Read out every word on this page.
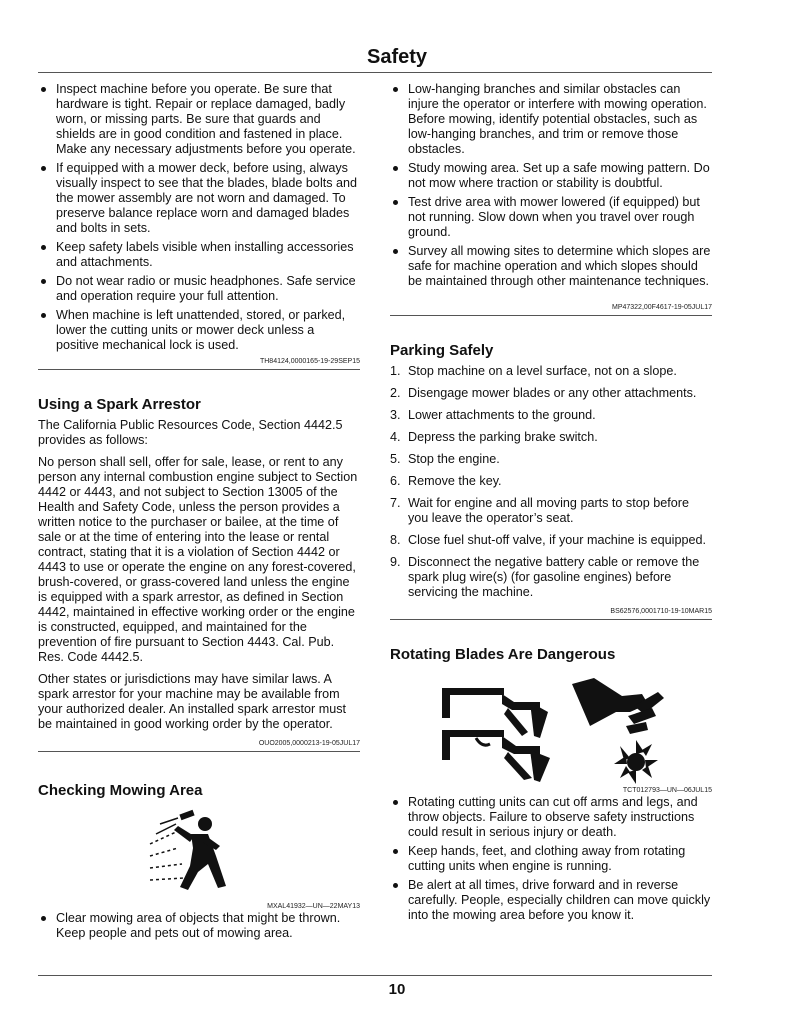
Safety
Inspect machine before you operate. Be sure that hardware is tight. Repair or replace damaged, badly worn, or missing parts. Be sure that guards and shields are in good condition and fastened in place. Make any necessary adjustments before you operate.
If equipped with a mower deck, before using, always visually inspect to see that the blades, blade bolts and the mower assembly are not worn and damaged. To preserve balance replace worn and damaged blades and bolts in sets.
Keep safety labels visible when installing accessories and attachments.
Do not wear radio or music headphones. Safe service and operation require your full attention.
When machine is left unattended, stored, or parked, lower the cutting units or mower deck unless a positive mechanical lock is used.
TH84124,0000165-19-29SEP15
Using a Spark Arrestor

The California Public Resources Code, Section 4442.5 provides as follows:

No person shall sell, offer for sale, lease, or rent to any person any internal combustion engine subject to Section 4442 or 4443, and not subject to Section 13005 of the Health and Safety Code, unless the person provides a written notice to the purchaser or bailee, at the time of sale or at the time of entering into the lease or rental contract, stating that it is a violation of Section 4442 or 4443 to use or operate the engine on any forest-covered, brush-covered, or grass-covered land unless the engine is equipped with a spark arrestor, as defined in Section 4442, maintained in effective working order or the engine is constructed, equipped, and maintained for the prevention of fire pursuant to Section 4443. Cal. Pub. Res. Code 4442.5.

Other states or jurisdictions may have similar laws. A spark arrestor for your machine may be available from your authorized dealer. An installed spark arrestor must be maintained in good working order by the operator.

OUO2005,0000213-19-05JUL17
Checking Mowing Area
MXAL41932—UN—22MAY13
Clear mowing area of objects that might be thrown. Keep people and pets out of mowing area.
Low-hanging branches and similar obstacles can injure the operator or interfere with mowing operation. Before mowing, identify potential obstacles, such as low-hanging branches, and trim or remove those obstacles.
Study mowing area. Set up a safe mowing pattern. Do not mow where traction or stability is doubtful.
Test drive area with mower lowered (if equipped) but not running. Slow down when you travel over rough ground.
Survey all mowing sites to determine which slopes are safe for machine operation and which slopes should be maintained through other maintenance techniques.
MP47322,00F4617-19-05JUL17
Parking Safely
1. Stop machine on a level surface, not on a slope.
2. Disengage mower blades or any other attachments.
3. Lower attachments to the ground.
4. Depress the parking brake switch.
5. Stop the engine.
6. Remove the key.
7. Wait for engine and all moving parts to stop before you leave the operator’s seat.
8. Close fuel shut-off valve, if your machine is equipped.
9. Disconnect the negative battery cable or remove the spark plug wire(s) (for gasoline engines) before servicing the machine.
BS62576,0001710-19-10MAR15
Rotating Blades Are Dangerous
TCT012793—UN—06JUL15
Rotating cutting units can cut off arms and legs, and throw objects. Failure to observe safety instructions could result in serious injury or death.
Keep hands, feet, and clothing away from rotating cutting units when engine is running.
Be alert at all times, drive forward and in reverse carefully. People, especially children can move quickly into the mowing area before you know it.
10
